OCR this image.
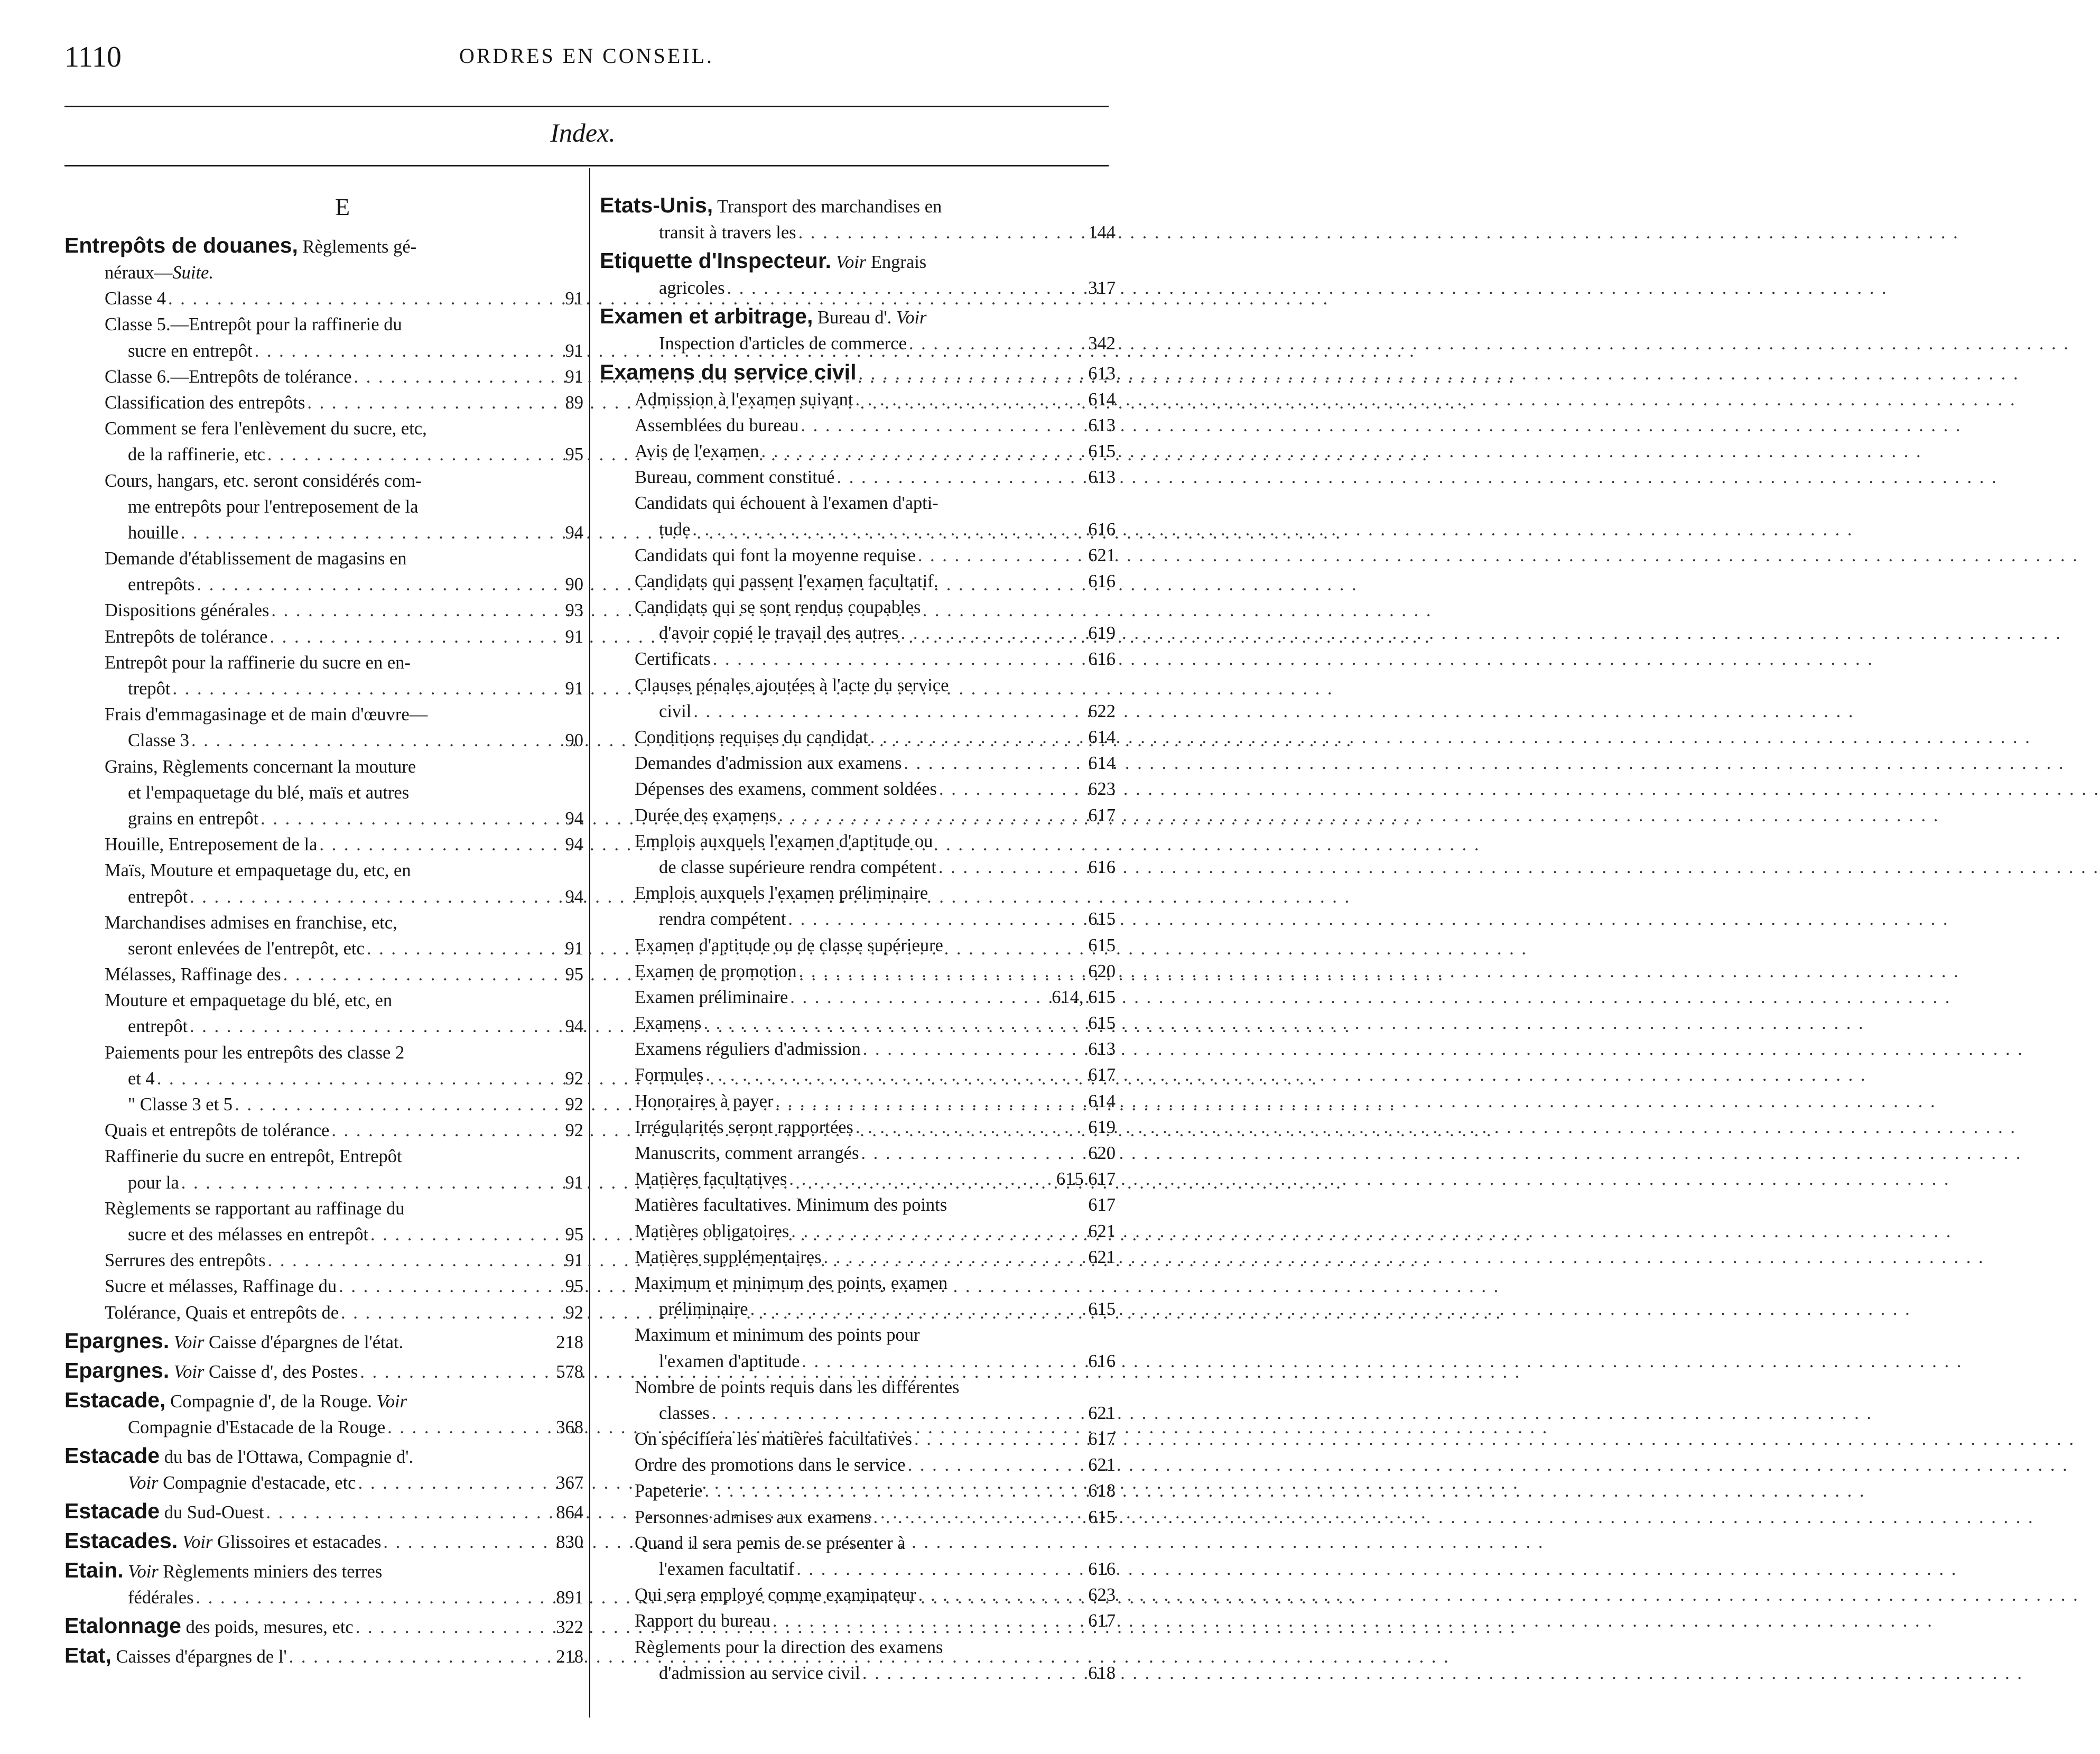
1110	ORDRES EN CONSEIL.
Index.
E
Entrepôts de douanes, Règlements gé-
néraux—Suite.
Classe 4 . . .	91
Classe 5.—Entrepôt pour la raffinerie du
sucre en entrepôt . . .	91
Classe 6.—Entrepôts de tolérance . . .	91
Classification des entrepôts . . .	89
Comment se fera l'enlèvement du sucre, etc,
de la raffinerie, etc . . .	95
Cours, hangars, etc. seront considérés com-
me entrepôts pour l'entreposement de la
houille . . .	94
Demande d'établissement de magasins en
entrepôts . . .	90
Dispositions générales . . .	93
Entrepôts de tolérance . . .	91
Entrepôt pour la raffinerie du sucre en en-
trepôt . . .	91
Frais d'emmagasinage et de main d'œuvre—
Classe 3 . . .	90
Grains, Règlements concernant la mouture
et l'empaquetage du blé, maïs et autres
grains en entrepôt . . .	94
Houille, Entreposement de la . . .	94
Maïs, Mouture et empaquetage du, etc, en
entrepôt . . .	94
Marchandises admises en franchise, etc,
seront enlevées de l'entrepôt, etc . . .	91
Mélasses, Raffinage des . . .	95
Mouture et empaquetage du blé, etc, en
entrepôt . . .	94
Paiements pour les entrepôts des classe 2
et 4 . . .	92
" Classe 3 et 5 . . .	92
Quais et entrepôts de tolérance . . .	92
Raffinerie du sucre en entrepôt, Entrepôt
pour la . . .	91
Règlements se rapportant au raffinage du
sucre et des mélasses en entrepôt . . .	95
Serrures des entrepôts . . .	91
Sucre et mélasses, Raffinage du . . .	95
Tolérance, Quais et entrepôts de . . .	92
Epargnes. Voir Caisse d'épargnes de l'état.	218
Epargnes. Voir Caisse d', des Postes . . .	578
Estacade, Compagnie d', de la Rouge. Voir
Compagnie d'Estacade de la Rouge . . .	368
Estacade du bas de l'Ottawa, Compagnie d'.
Voir Compagnie d'estacade, etc . . .	367
Estacade du Sud-Ouest . . .	864
Estacades. Voir Glissoires et estacades . . .	830
Etain. Voir Règlements miniers des terres
fédérales . . .	891
Etalonnage des poids, mesures, etc . . .	322
Etat, Caisses d'épargnes de l' . . .	218
Etats-Unis, Transport des marchandises en
transit à travers les . . .	144
Etiquette d'Inspecteur. Voir Engrais
agricoles . . .	317
Examen et arbitrage, Bureau d'. Voir
Inspection d'articles de commerce . . .	342
Examens du service civil . . .	613
Admission à l'examen suivant . . .	614
Assemblées du bureau . . .	613
Avis de l'examen . . .	615
Bureau, comment constitué . . .	613
Candidats qui échouent à l'examen d'apti-
tude . . .	616
Candidats qui font la moyenne requise . . .	621
Candidats qui passent l'examen facultatif.	616
Candidats qui se sont rendus coupables
d'avoir copié le travail des autres . . .	619
Certificats . . .	616
Clauses pénales ajoutées à l'acte du service
civil . . .	622
Conditions requises du candidat . . .	614
Demandes d'admission aux examens . . .	614
Dépenses des examens, comment soldées . . .	623
Durée des examens . . .	617
Emplois auxquels l'examen d'aptitude ou
de classe supérieure rendra compétent . . .	616
Emplois auxquels l'examen préliminaire
rendra compétent . . .	615
Examen d'aptitude ou de classe supérieure	615
Examen de promotion . . .	620
Examen préliminaire . . .	614, 615
Examens . . .	615
Examens réguliers d'admission . . .	613
Formules . . .	617
Honoraires à payer . . .	614
Irrégularités seront rapportées . . .	619
Manuscrits, comment arrangés . . .	620
Matières facultatives . . .	615 617
Matières facultatives. Minimum des points	617
Matières obligatoires . . .	621
Matières supplémentaires . . .	621
Maximum et minimum des points, examen
préliminaire . . .	615
Maximum et minimum des points pour
l'examen d'aptitude . . .	616
Nombre de points requis dans les différentes
classes . . .	621
On spécifiera les matières facultatives . . .	617
Ordre des promotions dans le service . . .	621
Papeterie . . .	618
Personnes admises aux examens . . .	615
Quand il sera pemis de se présenter à
l'examen facultatif . . .	616
Qui sera employé comme examinateur . . .	623
Rapport du bureau . . .	617
Règlements pour la direction des examens
d'admission au service civil . . .	618
